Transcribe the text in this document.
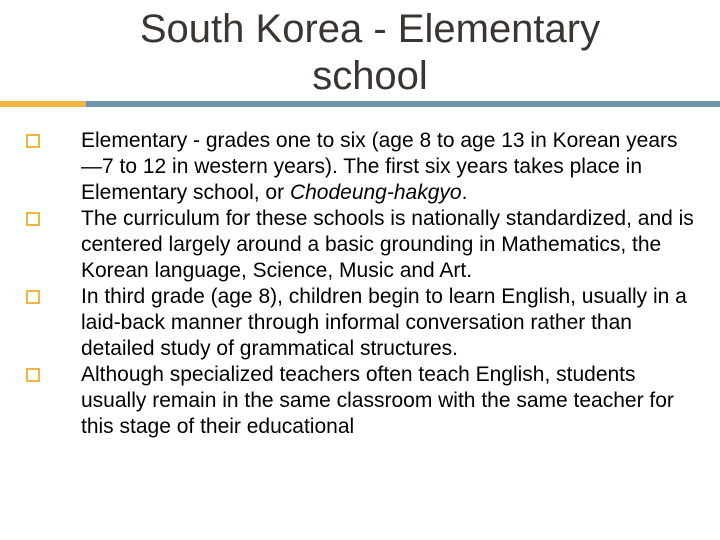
South Korea - Elementary
school
Elementary - grades one to six (age 8 to age 13 in Korean years—7 to 12 in western years). The first six years takes place in Elementary school, or Chodeung-hakgyo.
The curriculum for these schools is nationally standardized, and is centered largely around a basic grounding in Mathematics, the Korean language, Science, Music and Art.
In third grade (age 8), children begin to learn English, usually in a laid-back manner through informal conversation rather than detailed study of grammatical structures.
Although specialized teachers often teach English, students usually remain in the same classroom with the same teacher for this stage of their educational
